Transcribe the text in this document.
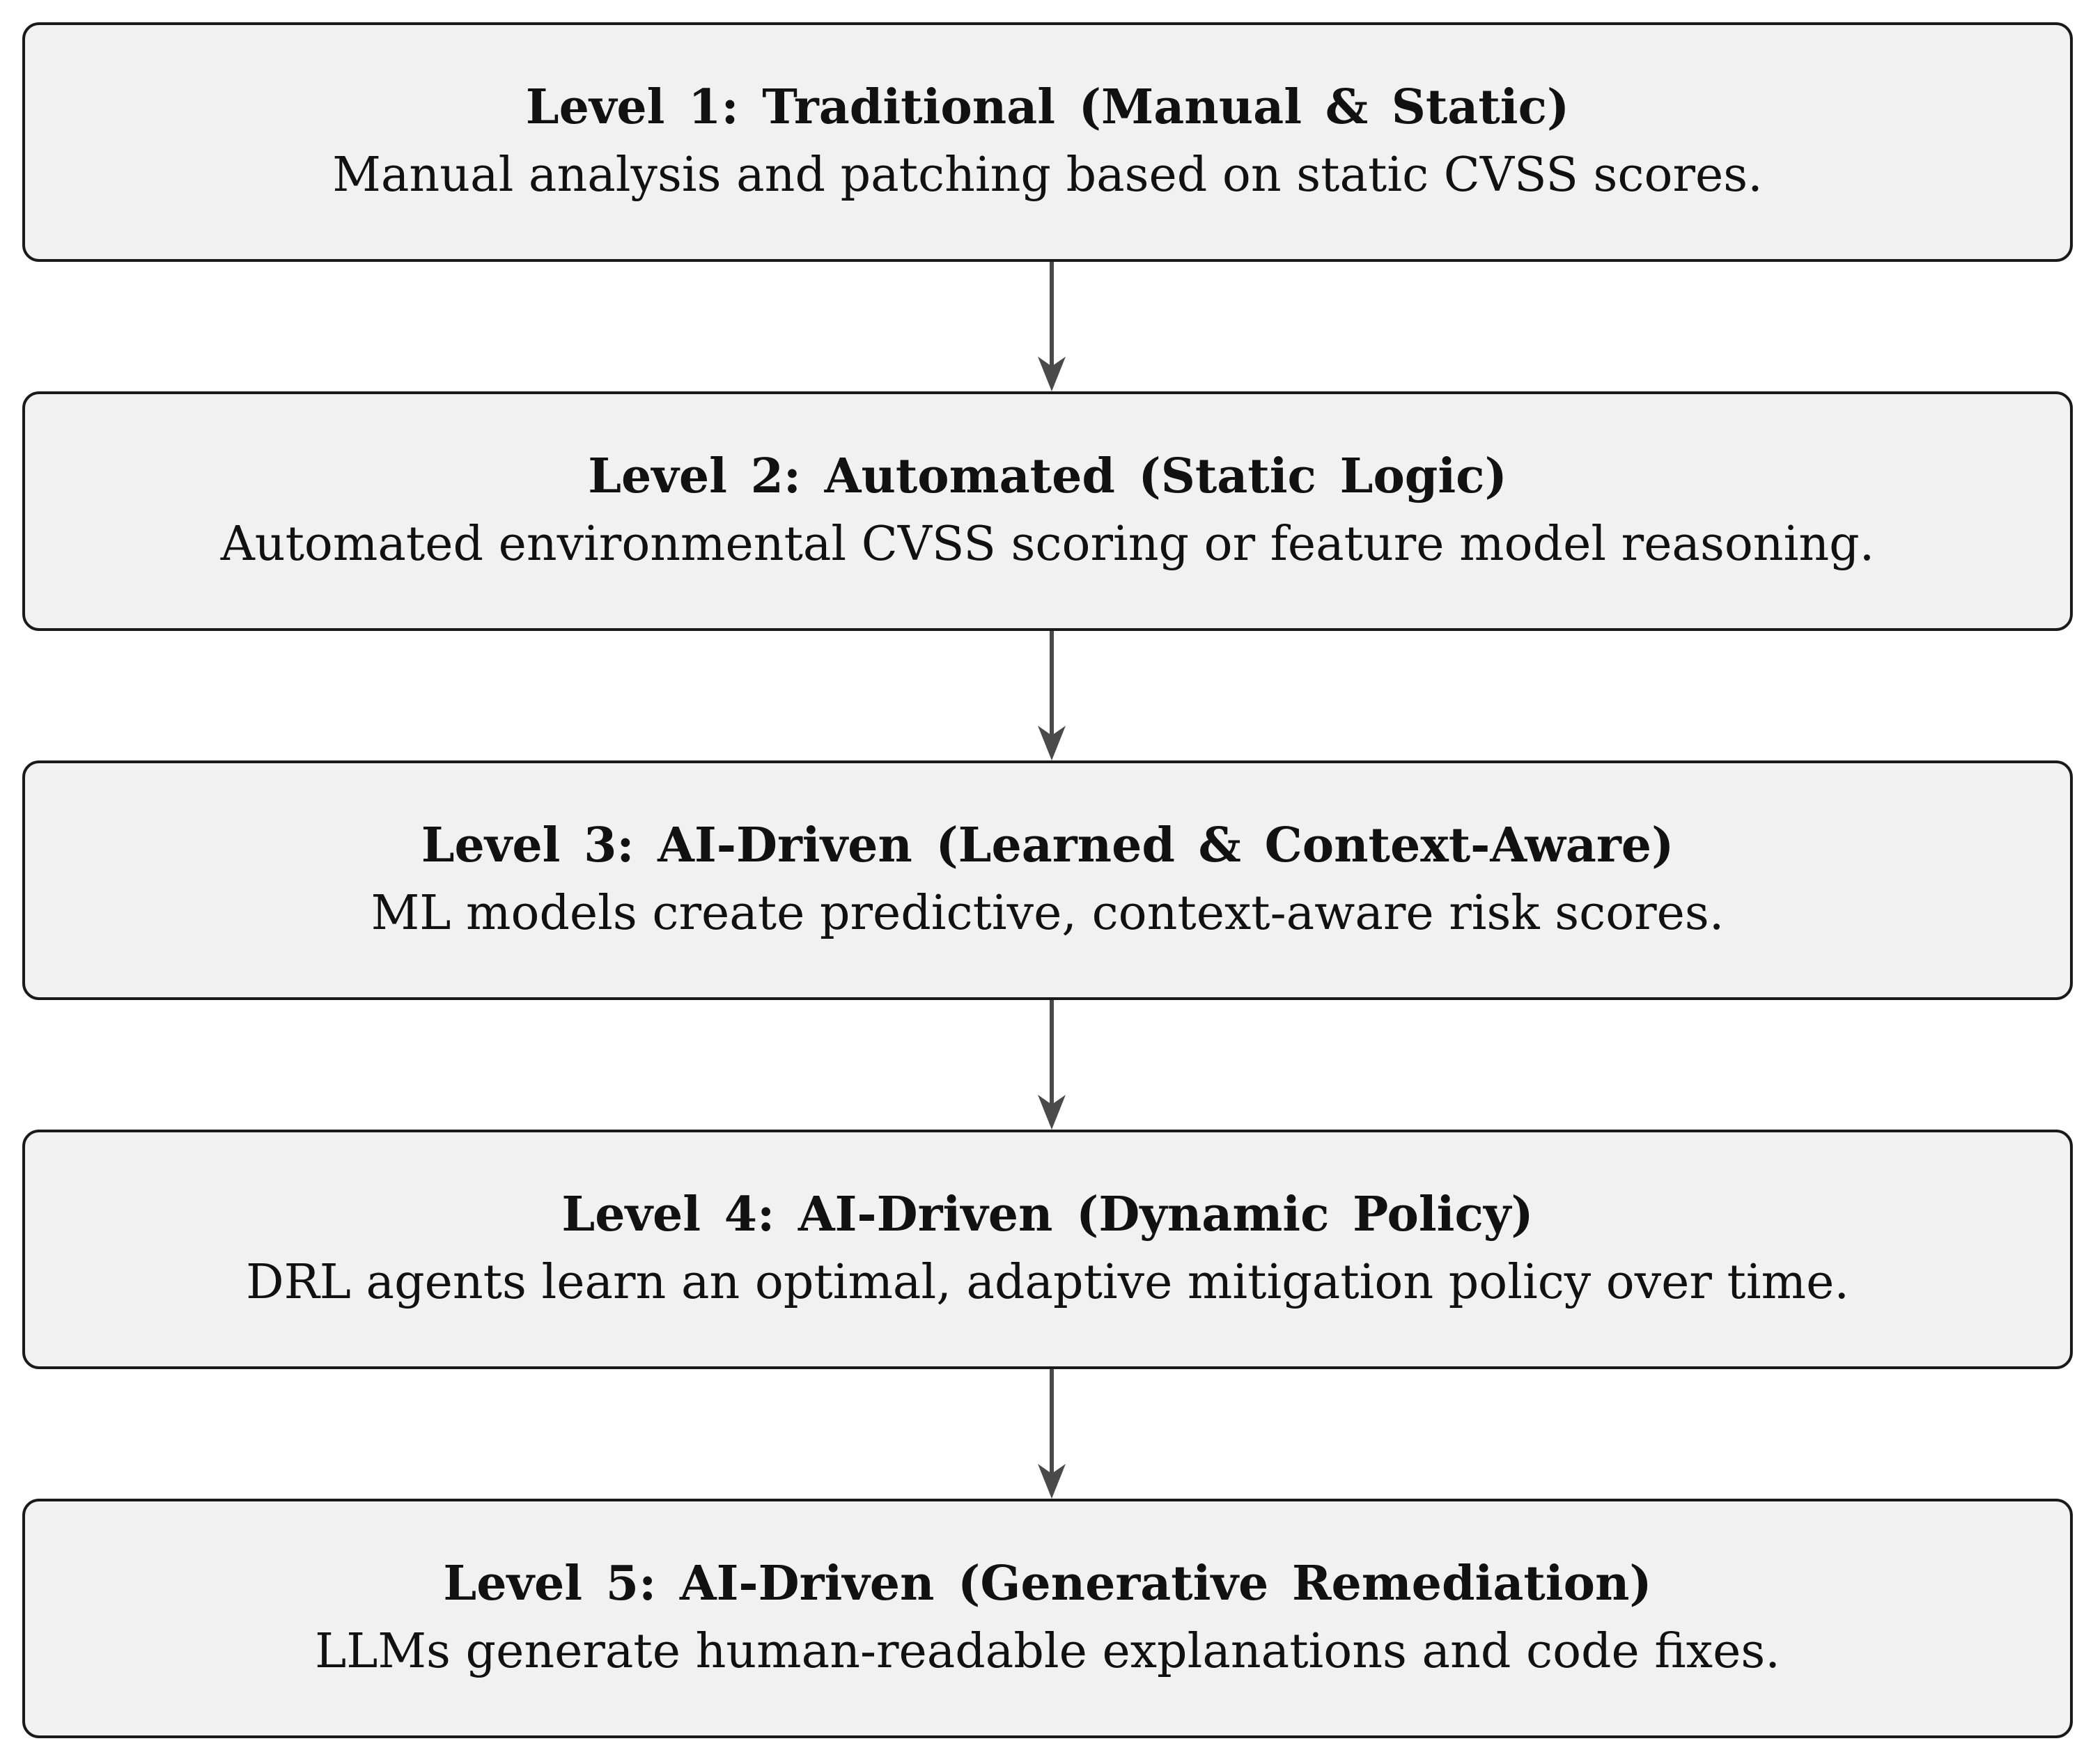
Level 1: Traditional (Manual & Static)
Manual analysis and patching based on static CVSS scores.
Level 2: Automated (Static Logic)
Automated environmental CVSS scoring or feature model reasoning.
Level 3: AI-Driven (Learned & Context-Aware)
ML models create predictive, context-aware risk scores.
Level 4: AI-Driven (Dynamic Policy)
DRL agents learn an optimal, adaptive mitigation policy over time.
Level 5: AI-Driven (Generative Remediation)
LLMs generate human-readable explanations and code fixes.
